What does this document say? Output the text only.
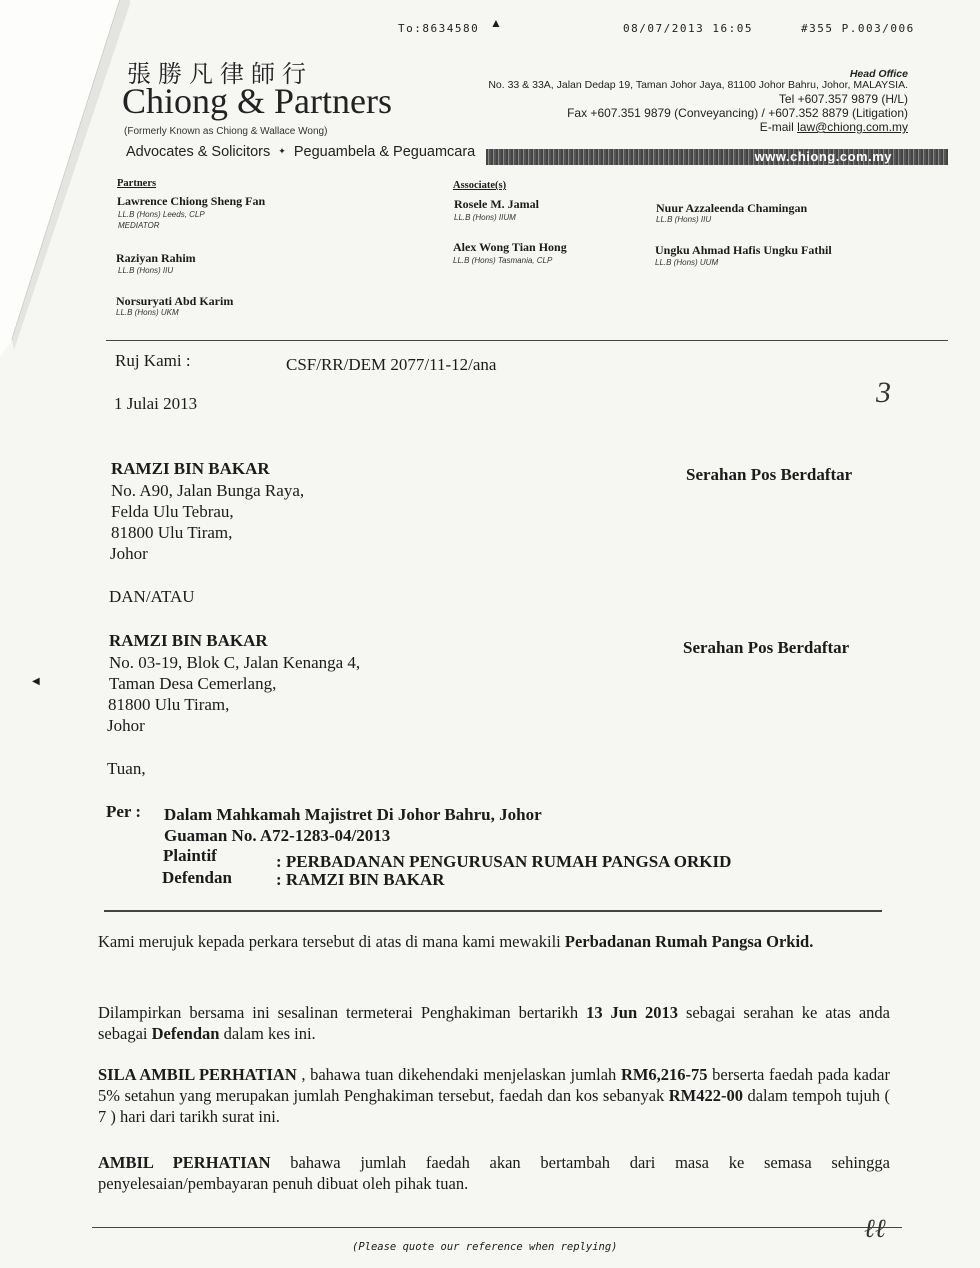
To:8634580 ▲	08/07/2013 16:05	#355 P.003/006
張勝凡律師行
Chiong & Partners
(Formerly Known as Chiong & Wallace Wong)
Advocates & Solicitors ✦ Peguambela & Peguamcara
Head Office
No. 33 & 33A, Jalan Dedap 19, Taman Johor Jaya, 81100 Johor Bahru, Johor, MALAYSIA.
Tel +607.357 9879 (H/L)
Fax +607.351 9879 (Conveyancing) / +607.352 8879 (Litigation)
E-mail law@chiong.com.my
www.chiong.com.my
Partners
Lawrence Chiong Sheng Fan
LL.B (Hons) Leeds, CLP
MEDIATOR
Raziyan Rahim
LL.B (Hons) IIU
Norsuryati Abd Karim
LL.B (Hons) UKM
Associate(s)
Rosele M. Jamal
LL.B (Hons) IIUM
Alex Wong Tian Hong
LL.B (Hons) Tasmania, CLP
Nuur Azzaleenda Chamingan
LL.B (Hons) IIU
Ungku Ahmad Hafis Ungku Fathil
LL.B (Hons) UUM
Ruj Kami :	CSF/RR/DEM 2077/11-12/ana
1 Julai 2013	3
RAMZI BIN BAKAR
No. A90, Jalan Bunga Raya,
Felda Ulu Tebrau,
81800 Ulu Tiram,
Johor
Serahan Pos Berdaftar
DAN/ATAU
RAMZI BIN BAKAR
No. 03-19, Blok C, Jalan Kenanga 4,
Taman Desa Cemerlang,
81800 Ulu Tiram,
Johor
Serahan Pos Berdaftar
◀
Tuan,
Per : Dalam Mahkamah Majistret Di Johor Bahru, Johor
Guaman No. A72-1283-04/2013
Plaintif	: PERBADANAN PENGURUSAN RUMAH PANGSA ORKID
Defendan	: RAMZI BIN BAKAR
Kami merujuk kepada perkara tersebut di atas di mana kami mewakili Perbadanan Rumah Pangsa Orkid.
Dilampirkan bersama ini sesalinan termeterai Penghakiman bertarikh 13 Jun 2013 sebagai serahan ke atas anda sebagai Defendan dalam kes ini.
SILA AMBIL PERHATIAN , bahawa tuan dikehendaki menjelaskan jumlah RM6,216-75 berserta faedah pada kadar 5% setahun yang merupakan jumlah Penghakiman tersebut, faedah dan kos sebanyak RM422-00 dalam tempoh tujuh ( 7 ) hari dari tarikh surat ini.
AMBIL PERHATIAN bahawa jumlah faedah akan bertambah dari masa ke semasa sehingga penyelesaian/pembayaran penuh dibuat oleh pihak tuan.
(Please quote our reference when replying)
ℓℓ
